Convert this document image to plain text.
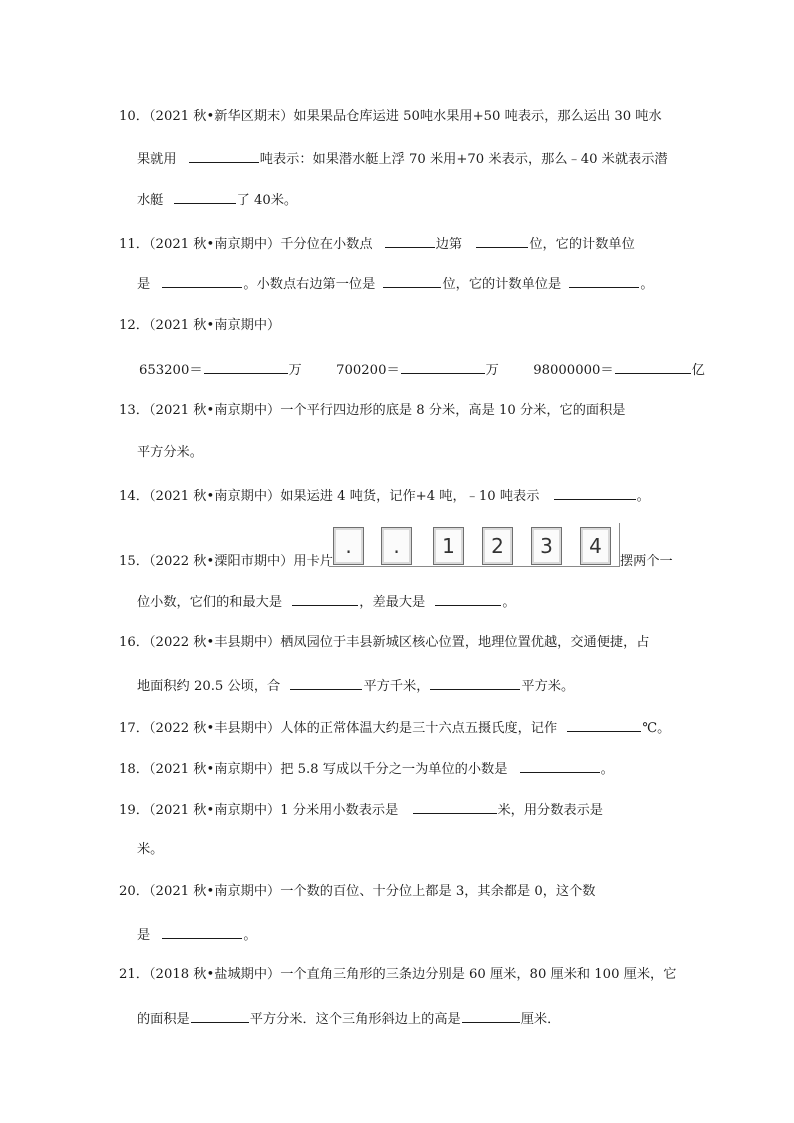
10．（2021 秋•新华区期末）如果果品仓库运进 50吨水果用+50 吨表示，那么运出 30 吨水
果就用	吨表示：如果潜水艇上浮 70 米用+70 米表示，那么﹣40 米就表示潜
水艇	了 40米。
11．（2021 秋•南京期中）千分位在小数点	边第	位，它的计数单位
是	。小数点右边第一位是	位，它的计数单位是	。
12．（2021 秋•南京期中）
653200＝	万	700200＝	万	98000000＝	亿
13．（2021 秋•南京期中）一个平行四边形的底是 8 分米，高是 10 分米，它的面积是
平方分米。
14．（2021 秋•南京期中）如果运进 4 吨货，记作+4 吨，﹣10 吨表示	。
15．（2022 秋•溧阳市期中）用卡片
.	.	1	2	3	4
摆两个一
位小数，它们的和最大是	，差最大是	。
16．（2022 秋•丰县期中）栖凤园位于丰县新城区核心位置，地理位置优越，交通便捷，占
地面积约 20.5 公顷，合	平方千米，	平方米。
17．（2022 秋•丰县期中）人体的正常体温大约是三十六点五摄氏度，记作	℃。
18．（2021 秋•南京期中）把 5.8 写成以千分之一为单位的小数是	。
19．（2021 秋•南京期中）1 分米用小数表示是	米，用分数表示是
米。
20．（2021 秋•南京期中）一个数的百位、十分位上都是 3，其余都是 0，这个数
是	。
21．（2018 秋•盐城期中）一个直角三角形的三条边分别是 60 厘米，80 厘米和 100 厘米，它
的面积是	平方分米．这个三角形斜边上的高是	厘米．
